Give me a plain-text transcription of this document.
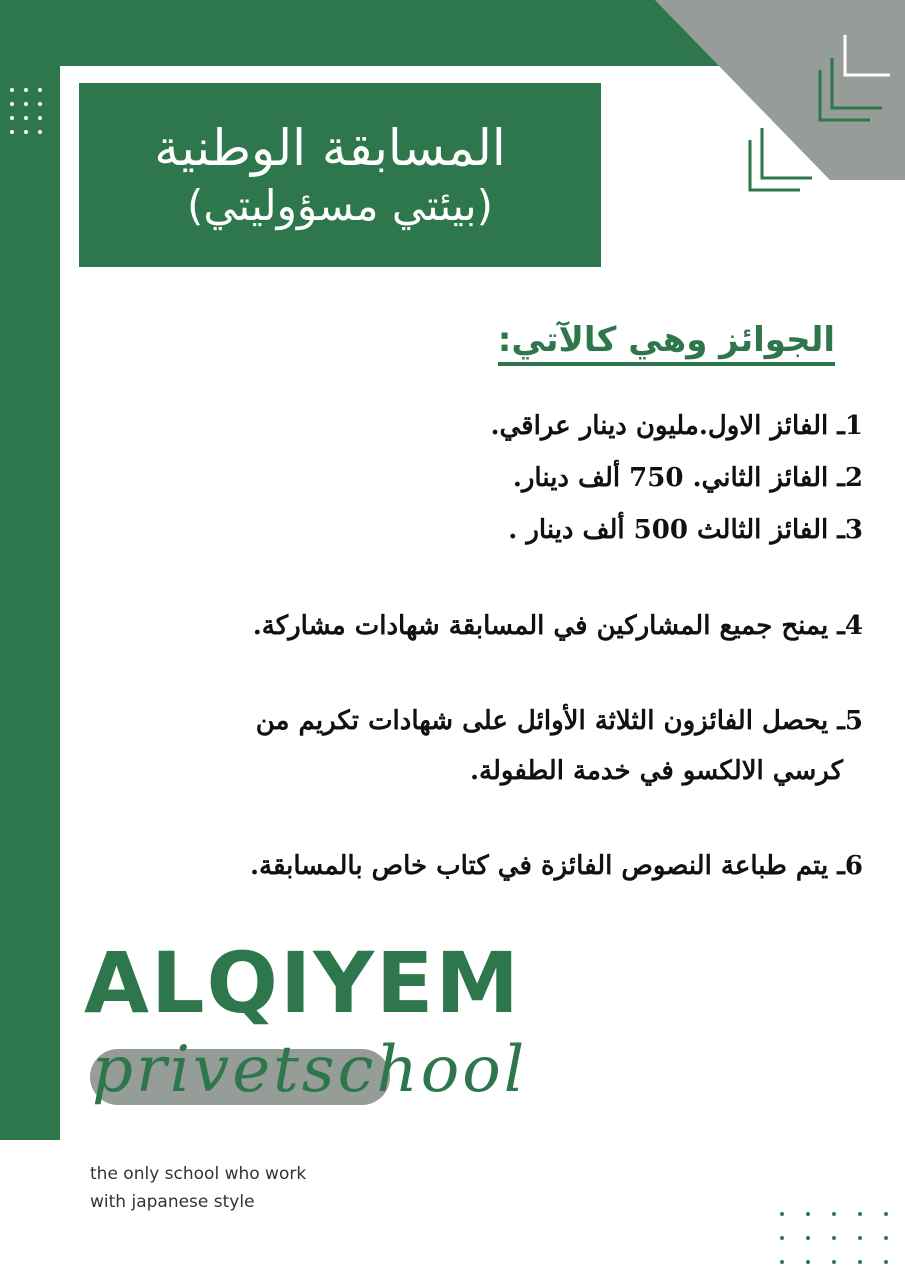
المسابقة الوطنية
(بيئتي مسؤوليتي)
الجوائز وهي كالآتي:
1ـ الفائز الاول.مليون دينار عراقي.
2ـ الفائز الثاني. 750 ألف دينار.
3ـ الفائز الثالث 500 ألف دينار .
4ـ يمنح جميع المشاركين في المسابقة شهادات مشاركة.
5ـ يحصل الفائزون الثلاثة الأوائل على شهادات تكريم من
كرسي الالكسو في خدمة الطفولة.
6ـ يتم طباعة النصوص الفائزة في كتاب خاص بالمسابقة.
ALQIYEM
privetschool
the only school who work
with japanese style
